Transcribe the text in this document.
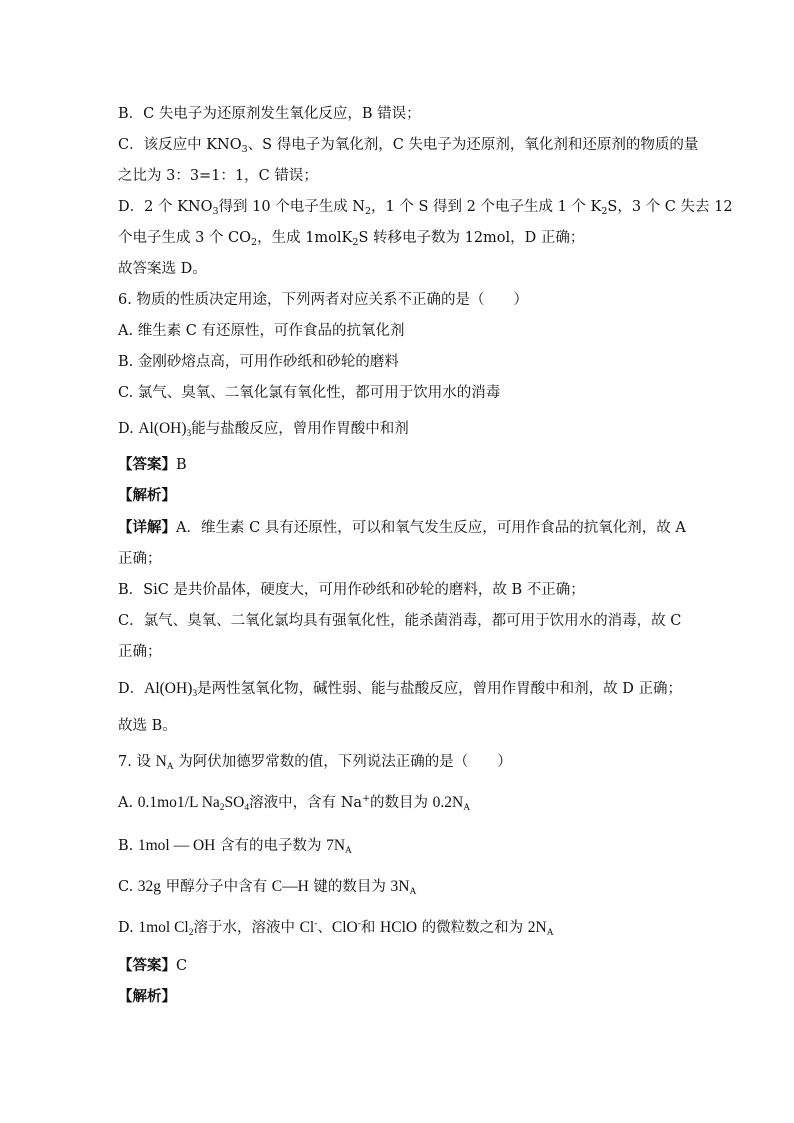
B．C 失电子为还原剂发生氧化反应，B 错误；
C．该反应中 $KNO_3$、S 得电子为氧化剂，C 失电子为还原剂，氧化剂和还原剂的物质的量
之比为 3：3=1：1，C 错误；
D．2 个 $KNO_3$得到 10 个电子生成 $N_2$，1 个 S 得到 2 个电子生成 1 个 $K_2S$，3 个 C 失去 12
个电子生成 3 个 $CO_2$，生成 1molK$_2$S 转移电子数为 12mol，D 正确；
故答案选 D。
6. 物质的性质决定用途，下列两者对应关系不正确的是（　　）
A. 维生素 C 有还原性，可作食品的抗氧化剂
B. 金刚砂熔点高，可用作砂纸和砂轮的磨料
C. 氯气、臭氧、二氧化氯有氧化性，都可用于饮用水的消毒
D. $Al(OH)_3$能与盐酸反应，曾用作胃酸中和剂
【答案】B
【解析】
【详解】A．维生素 C 具有还原性，可以和氧气发生反应，可用作食品的抗氧化剂，故 A
正确；
B．SiC 是共价晶体，硬度大，可用作砂纸和砂轮的磨料，故 B 不正确；
C．氯气、臭氧、二氧化氯均具有强氧化性，能杀菌消毒，都可用于饮用水的消毒，故 C
正确；
D．$Al(OH)_3$是两性氢氧化物，碱性弱、能与盐酸反应，曾用作胃酸中和剂，故 D 正确；
故选 B。
7. 设 $N_A$ 为阿伏加德罗常数的值，下列说法正确的是（　　）
A. 0.1mo1/L $Na_2SO_4$溶液中，含有 Na+的数目为 $0.2N_A$
B. 1mol — OH 含有的电子数为 $7N_A$
C. 32g 甲醇分子中含有 C—H 键的数目为 $3N_A$
D. 1mol $Cl_2$溶于水，溶液中 Cl-、ClO-和 HClO 的微粒数之和为 $2N_A$
【答案】C
【解析】
